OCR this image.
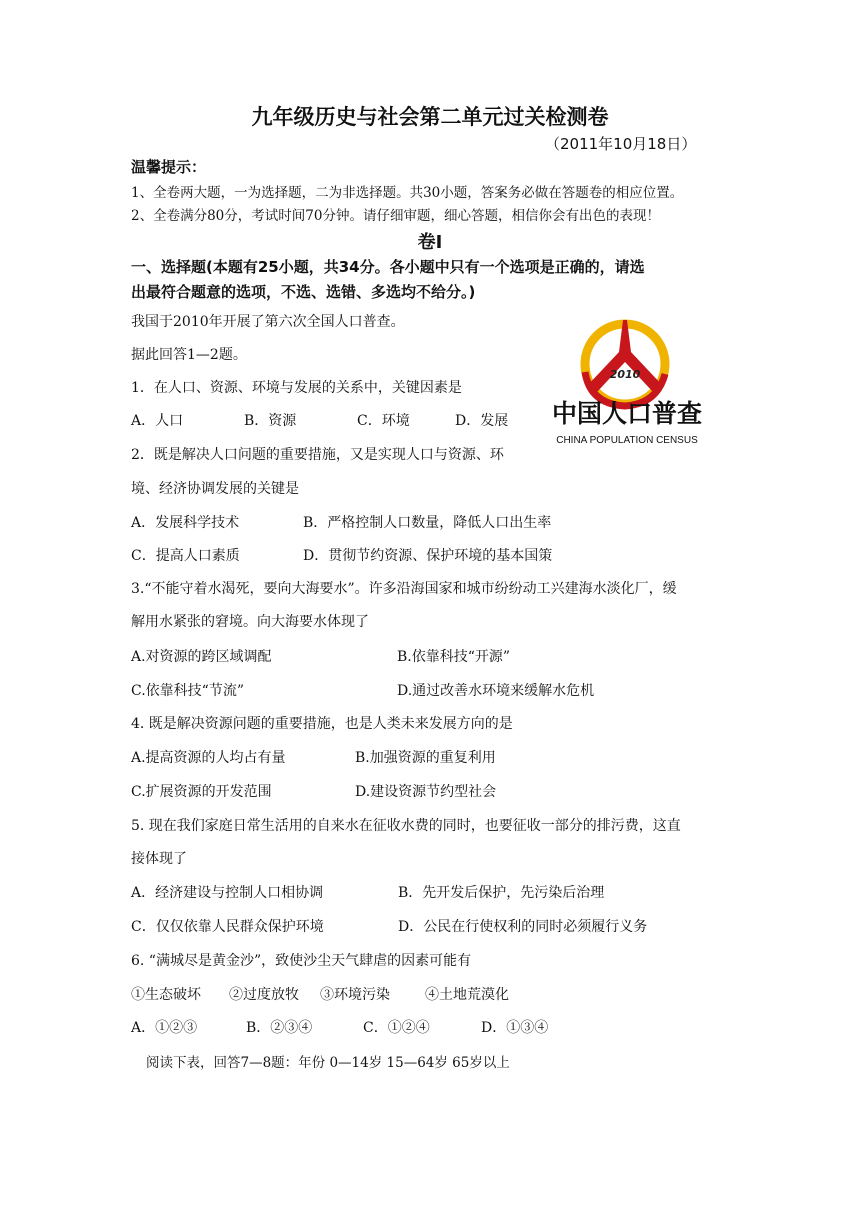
九年级历史与社会第二单元过关检测卷
（2011年10月18日）
温馨提示：
1、全卷两大题，一为选择题，二为非选择题。共30小题，答案务必做在答题卷的相应位置。
2、全卷满分80分，考试时间70分钟。请仔细审题，细心答题，相信你会有出色的表现！
卷Ⅰ
一、选择题(本题有25小题，共34分。各小题中只有一个选项是正确的，请选
出最符合题意的选项，不选、选错、多选均不给分。)
2010
中国人口普查
CHINA POPULATION CENSUS
我国于2010年开展了第六次全国人口普查。
据此回答1—2题。
1．在人口、资源、环境与发展的关系中，关键因素是
A．人口	B．资源	C．环境	D．发展
2．既是解决人口问题的重要措施，又是实现人口与资源、环
境、经济协调发展的关键是
A．发展科学技术	B．严格控制人口数量，降低人口出生率
C．提高人口素质	D．贯彻节约资源、保护环境的基本国策
3.“不能守着水渴死，要向大海要水”。许多沿海国家和城市纷纷动工兴建海水淡化厂，缓
解用水紧张的窘境。向大海要水体现了
A.对资源的跨区域调配	B.依靠科技“开源”
C.依靠科技“节流”	D.通过改善水环境来缓解水危机
4. 既是解决资源问题的重要措施，也是人类未来发展方向的是
A.提高资源的人均占有量	B.加强资源的重复利用
C.扩展资源的开发范围	D.建设资源节约型社会
5. 现在我们家庭日常生活用的自来水在征收水费的同时，也要征收一部分的排污费，这直
接体现了
A．经济建设与控制人口相协调	B．先开发后保护，先污染后治理
C．仅仅依靠人民群众保护环境	D．公民在行使权利的同时必须履行义务
6. “满城尽是黄金沙”，致使沙尘天气肆虐的因素可能有
①生态破坏 ②过度放牧 ③环境污染	④土地荒漠化
A．①②③	B．②③④	C．①②④	D．①③④
阅读下表，回答7—8题：年份 0—14岁 15—64岁 65岁以上
